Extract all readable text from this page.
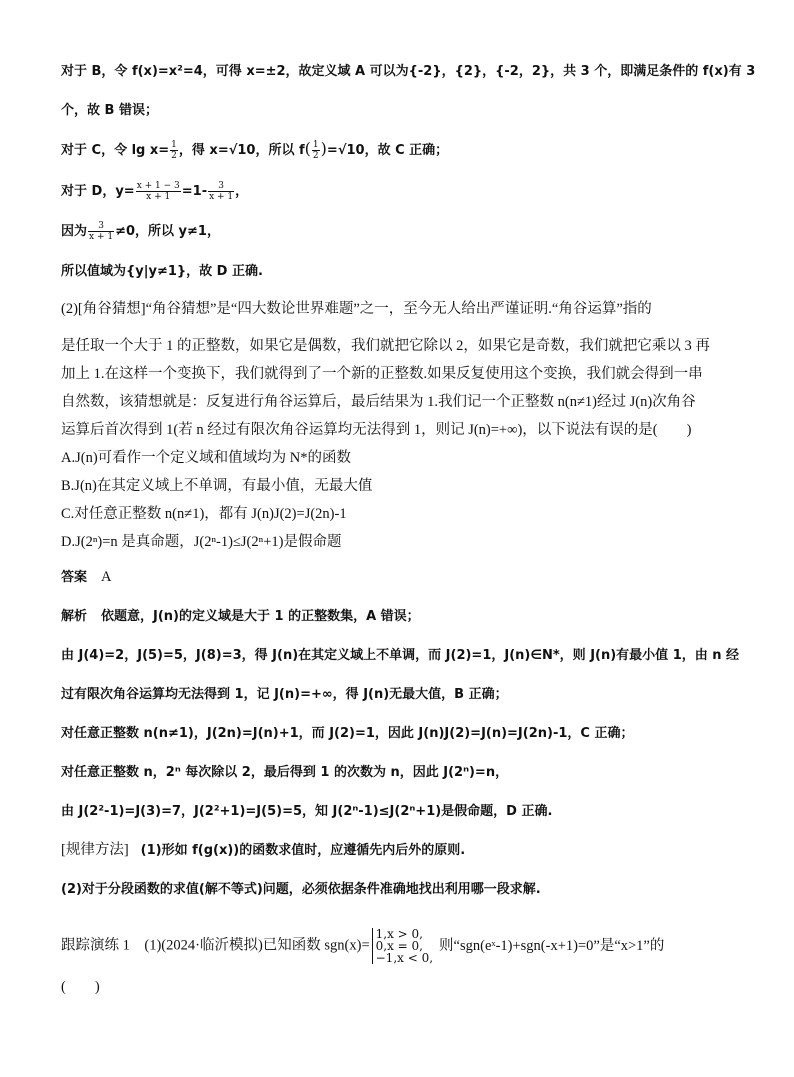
对于 B，令 f(x)=x²=4，可得 x=±2，故定义域 A 可以为{-2}，{2}，{-2，2}，共 3 个，即满足条件的 f(x)有 3
个，故 B 错误；
对于 C，令 $\lg x= \frac{1}{2}$ ，得 x=√10，所以 $f( \frac{1}{2} )=√10$，故 C 正确；
对于 D，$y= \frac{x + 1 - 3}{x + 1} =1- \frac{3}{x + 1}$ ，
因为 $\frac{3}{x + 1} \ne 0$，所以 y≠1，
所以值域为{y|y≠1}，故 D 正确.
(2)[角谷猜想]“角谷猜想”是“四大数论世界难题”之一，至今无人给出严谨证明.“角谷运算”指的
是任取一个大于 1 的正整数，如果它是偶数，我们就把它除以 2，如果它是奇数，我们就把它乘以 3 再
加上 1.在这样一个变换下，我们就得到了一个新的正整数.如果反复使用这个变换，我们就会得到一串
自然数，该猜想就是：反复进行角谷运算后，最后结果为 1.我们记一个正整数 n(n≠1)经过 J(n)次角谷
运算后首次得到 1(若 n 经过有限次角谷运算均无法得到 1，则记 J(n)=+∞)，以下说法有误的是(　　)
A.J(n)可看作一个定义域和值域均为 N*的函数
B.J(n)在其定义域上不单调，有最小值，无最大值
C.对任意正整数 n(n≠1)，都有 J(n)J(2)=J(2n)-1
D.J(2ⁿ)=n 是真命题，J(2ⁿ-1)≤J(2ⁿ+1)是假命题
答案 A
解析 依题意，J(n)的定义域是大于 1 的正整数集，A 错误；
由 J(4)=2，J(5)=5，J(8)=3，得 J(n)在其定义域上不单调，而 J(2)=1，J(n)∈N*，则 J(n)有最小值 1，由 n 经
过有限次角谷运算均无法得到 1，记 J(n)=+∞，得 J(n)无最大值，B 正确；
对任意正整数 n(n≠1)，J(2n)=J(n)+1，而 J(2)=1，因此 J(n)J(2)=J(n)=J(2n)-1，C 正确；
对任意正整数 n，2ⁿ 每次除以 2，最后得到 1 的次数为 n，因此 J(2ⁿ)=n，
由 J(2²-1)=J(3)=7，J(2²+1)=J(5)=5，知 J(2ⁿ-1)≤J(2ⁿ+1)是假命题，D 正确.
[规律方法] (1)形如 f(g(x))的函数求值时，应遵循先内后外的原则.
(2)对于分段函数的求值(解不等式)问题，必须依据条件准确地找出利用哪一段求解.
跟踪演练 1　(1)(2024·临沂模拟)已知函数 sgn(x)=
1,x > 0,
0,x = 0,
−1,x < 0,
则“sgn(eˣ-1)+sgn(-x+1)=0”是“x>1”的
(　　)
